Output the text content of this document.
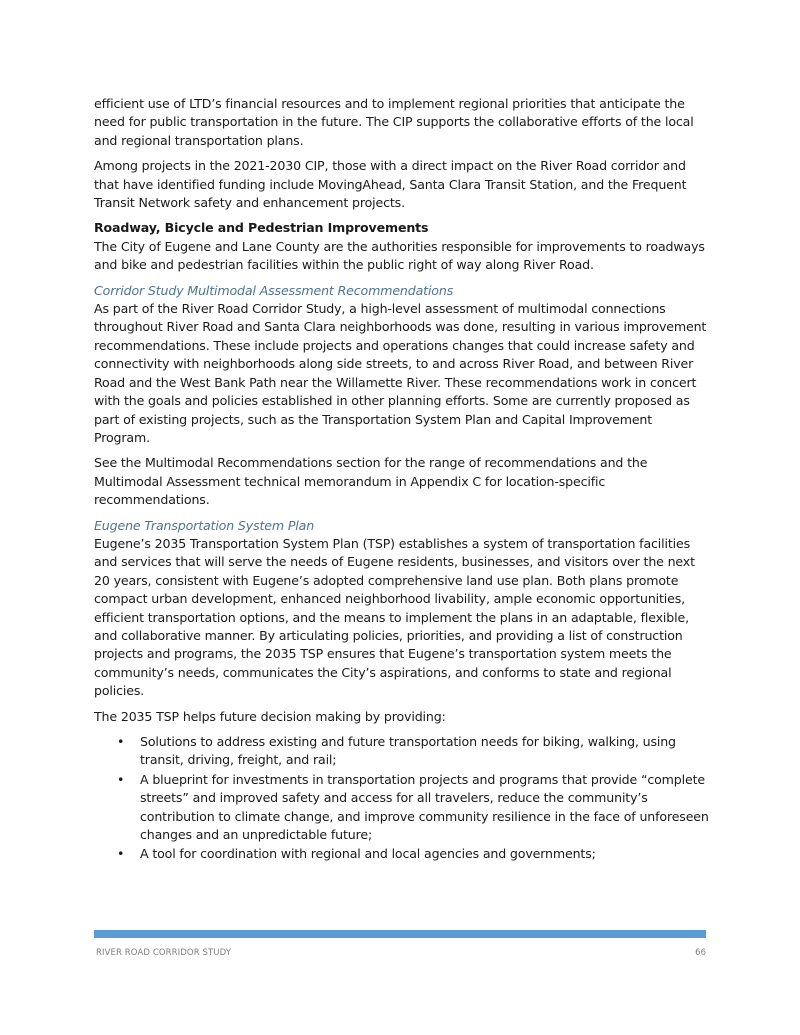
efficient use of LTD’s financial resources and to implement regional priorities that anticipate the need for public transportation in the future. The CIP supports the collaborative efforts of the local and regional transportation plans.

Among projects in the 2021-2030 CIP, those with a direct impact on the River Road corridor and that have identified funding include MovingAhead, Santa Clara Transit Station, and the Frequent Transit Network safety and enhancement projects.

Roadway, Bicycle and Pedestrian Improvements
The City of Eugene and Lane County are the authorities responsible for improvements to roadways and bike and pedestrian facilities within the public right of way along River Road.
Corridor Study Multimodal Assessment Recommendations
As part of the River Road Corridor Study, a high-level assessment of multimodal connections throughout River Road and Santa Clara neighborhoods was done, resulting in various improvement recommendations. These include projects and operations changes that could increase safety and connectivity with neighborhoods along side streets, to and across River Road, and between River Road and the West Bank Path near the Willamette River. These recommendations work in concert with the goals and policies established in other planning efforts. Some are currently proposed as part of existing projects, such as the Transportation System Plan and Capital Improvement Program.

See the Multimodal Recommendations section for the range of recommendations and the Multimodal Assessment technical memorandum in Appendix C for location-specific recommendations.

Eugene Transportation System Plan
Eugene’s 2035 Transportation System Plan (TSP) establishes a system of transportation facilities and services that will serve the needs of Eugene residents, businesses, and visitors over the next 20 years, consistent with Eugene’s adopted comprehensive land use plan. Both plans promote compact urban development, enhanced neighborhood livability, ample economic opportunities, efficient transportation options, and the means to implement the plans in an adaptable, flexible, and collaborative manner. By articulating policies, priorities, and providing a list of construction projects and programs, the 2035 TSP ensures that Eugene’s transportation system meets the community’s needs, communicates the City’s aspirations, and conforms to state and regional policies.

The 2035 TSP helps future decision making by providing:

• Solutions to address existing and future transportation needs for biking, walking, using transit, driving, freight, and rail;
• A blueprint for investments in transportation projects and programs that provide “complete streets” and improved safety and access for all travelers, reduce the community’s contribution to climate change, and improve community resilience in the face of unforeseen changes and an unpredictable future;
• A tool for coordination with regional and local agencies and governments;
RIVER ROAD CORRIDOR STUDY	66
